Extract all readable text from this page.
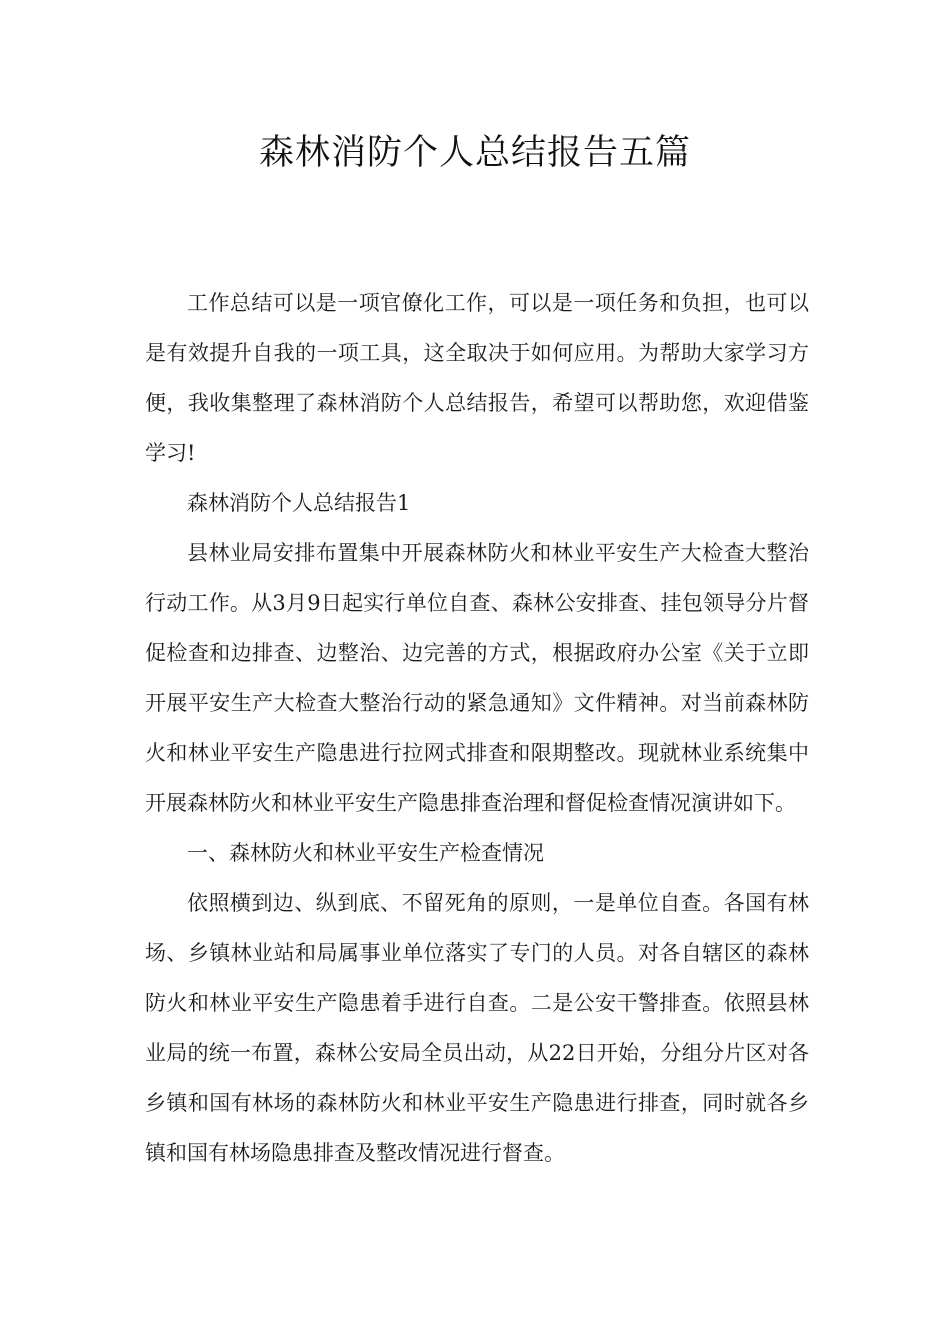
森林消防个人总结报告五篇

工作总结可以是一项官僚化工作，可以是一项任务和负担，也可以是有效提升自我的一项工具，这全取决于如何应用。为帮助大家学习方便，我收集整理了森林消防个人总结报告，希望可以帮助您，欢迎借鉴学习!

森林消防个人总结报告1

县林业局安排布置集中开展森林防火和林业平安生产大检查大整治行动工作。从3月9日起实行单位自查、森林公安排查、挂包领导分片督促检查和边排查、边整治、边完善的方式，根据政府办公室《关于立即开展平安生产大检查大整治行动的紧急通知》文件精神。对当前森林防火和林业平安生产隐患进行拉网式排查和限期整改。现就林业系统集中开展森林防火和林业平安生产隐患排查治理和督促检查情况演讲如下。

一、森林防火和林业平安生产检查情况

依照横到边、纵到底、不留死角的原则，一是单位自查。各国有林场、乡镇林业站和局属事业单位落实了专门的人员。对各自辖区的森林防火和林业平安生产隐患着手进行自查。二是公安干警排查。依照县林业局的统一布置，森林公安局全员出动，从22日开始，分组分片区对各乡镇和国有林场的森林防火和林业平安生产隐患进行排查，同时就各乡镇和国有林场隐患排查及整改情况进行督查。
